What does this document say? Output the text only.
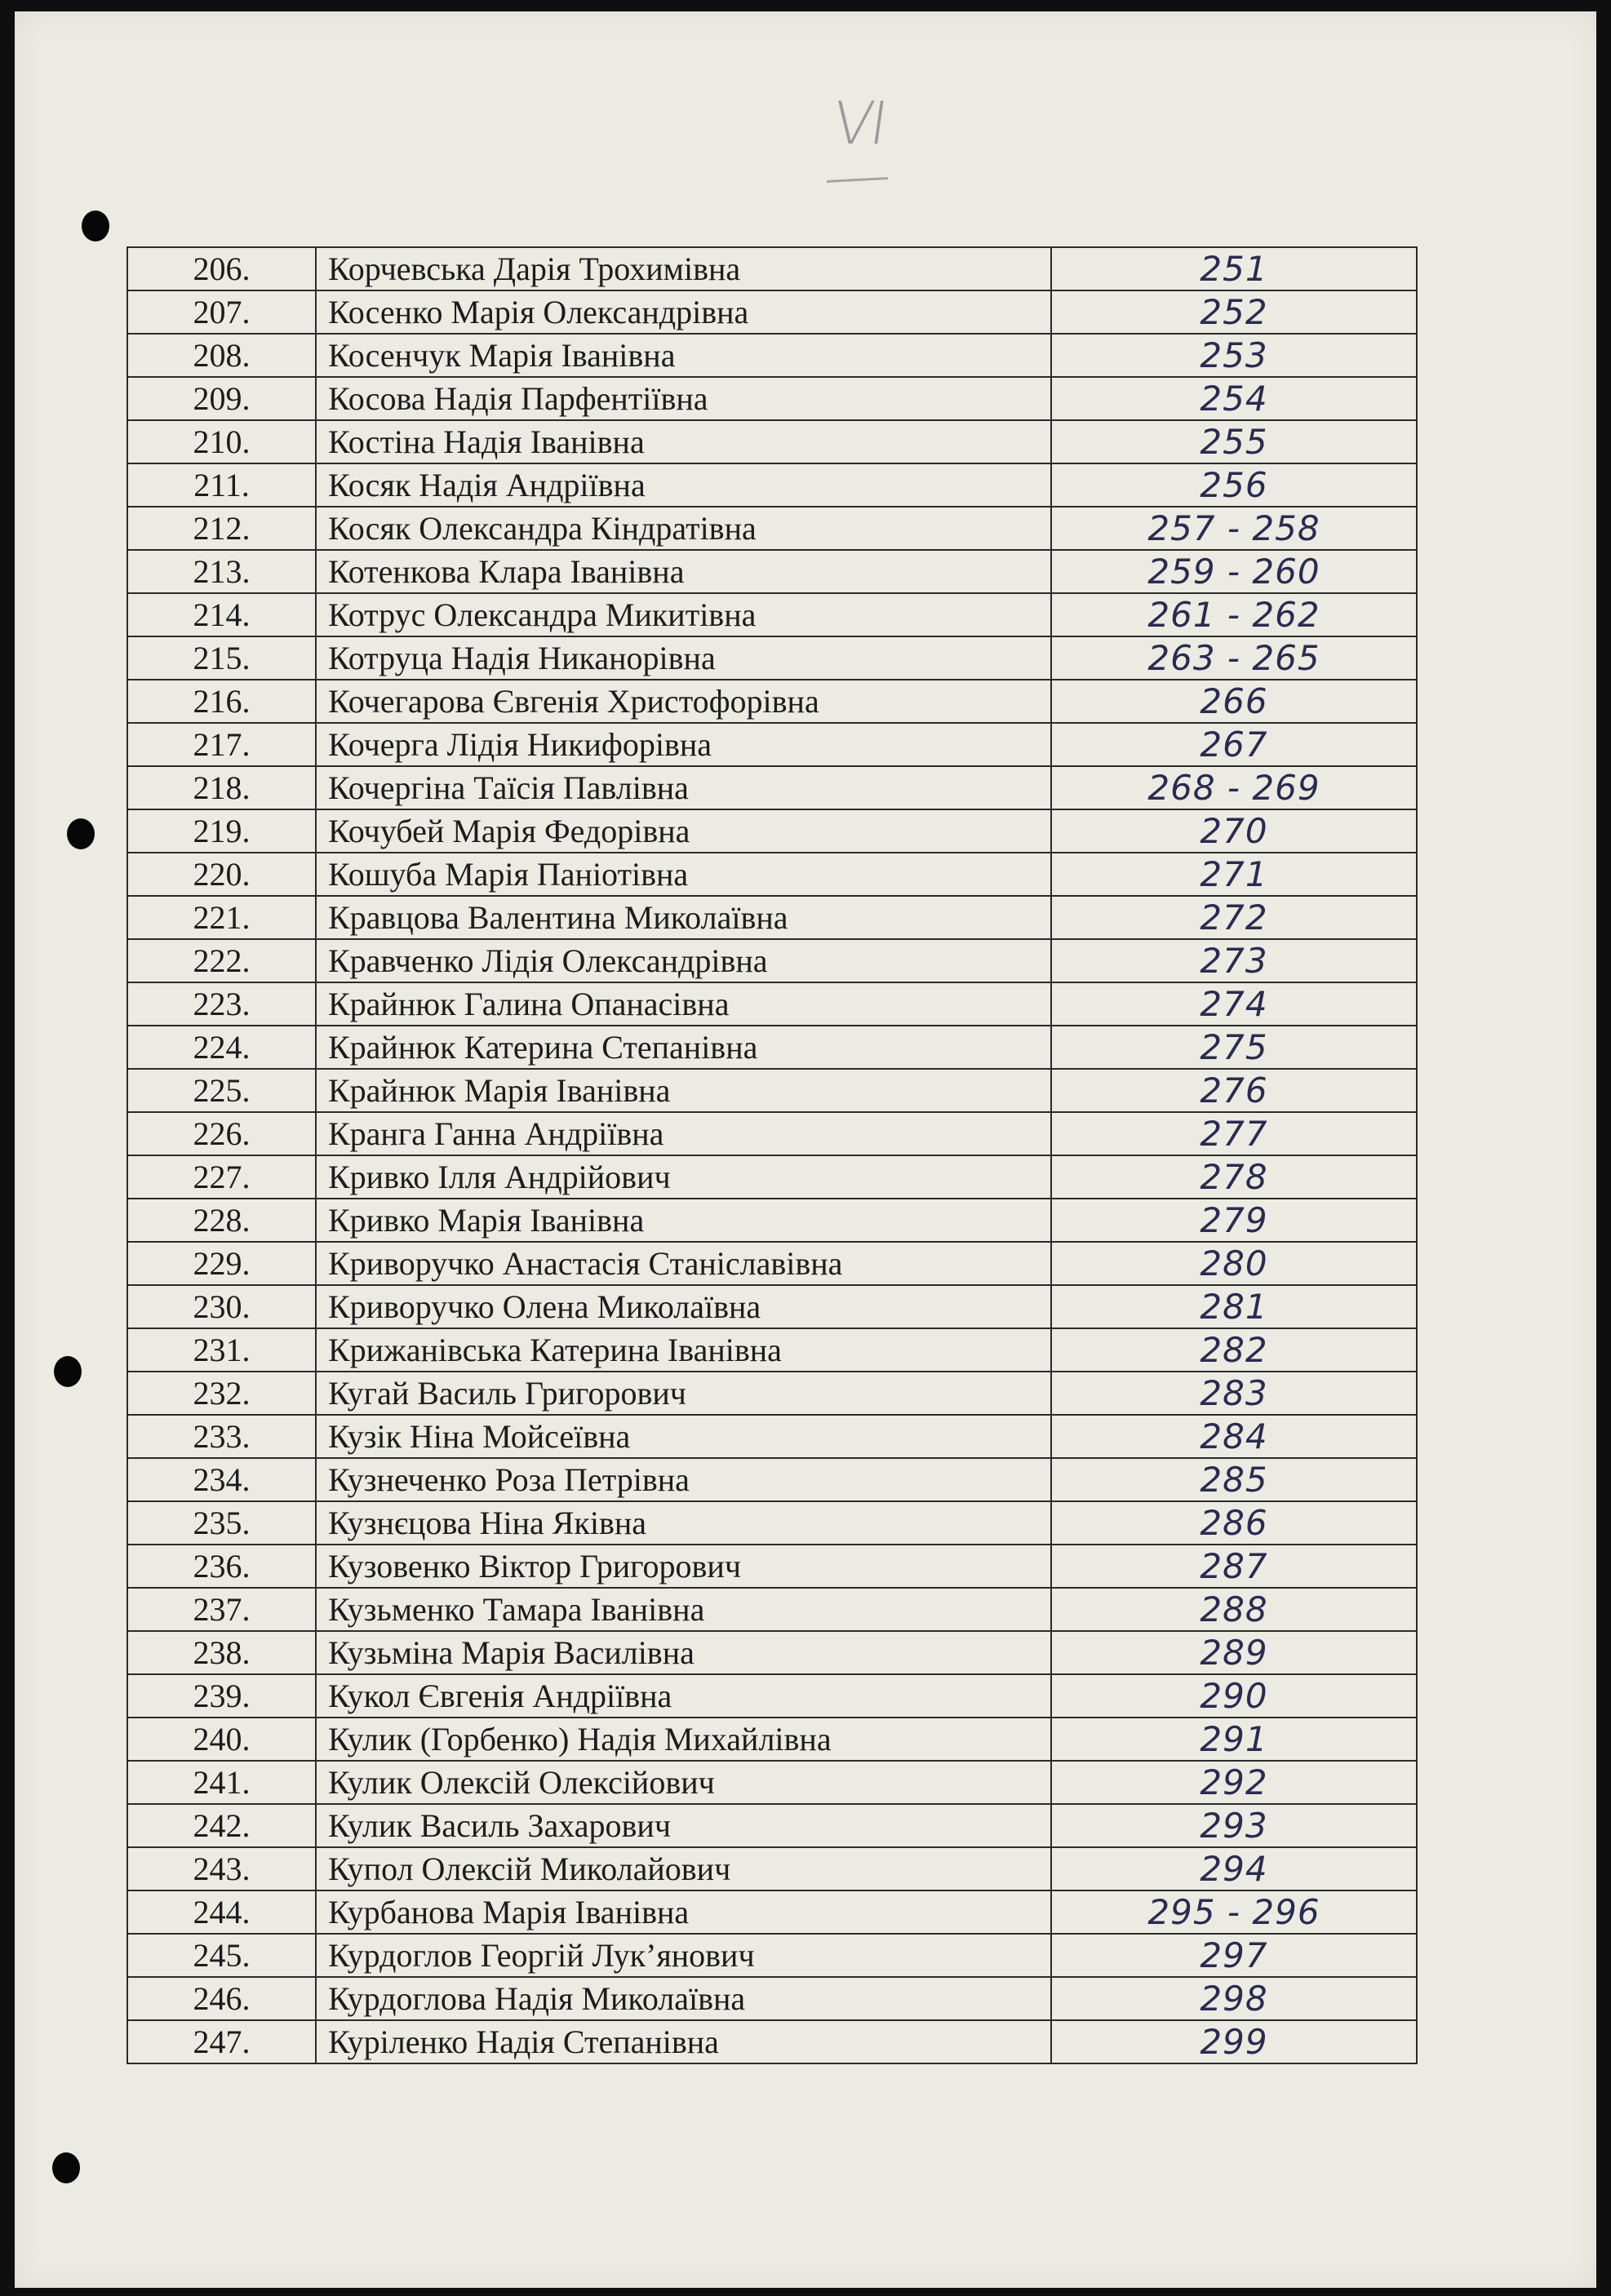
VI
206.	Корчевська Дарія Трохимівна	251
207.	Косенко Марія Олександрівна	252
208.	Косенчук Марія Іванівна	253
209.	Косова Надія Парфентіївна	254
210.	Костіна Надія Іванівна	255
211.	Косяк Надія Андріївна	256
212.	Косяк Олександра Кіндратівна	257 - 258
213.	Котенкова Клара Іванівна	259 - 260
214.	Котрус Олександра Микитівна	261 - 262
215.	Котруца Надія Никанорівна	263 - 265
216.	Кочегарова Євгенія Христофорівна	266
217.	Кочерга Лідія Никифорівна	267
218.	Кочергіна Таїсія Павлівна	268 - 269
219.	Кочубей Марія Федорівна	270
220.	Кошуба Марія Паніотівна	271
221.	Кравцова Валентина Миколаївна	272
222.	Кравченко Лідія Олександрівна	273
223.	Крайнюк Галина Опанасівна	274
224.	Крайнюк Катерина Степанівна	275
225.	Крайнюк Марія Іванівна	276
226.	Кранга Ганна Андріївна	277
227.	Кривко Ілля Андрійович	278
228.	Кривко Марія Іванівна	279
229.	Криворучко Анастасія Станіславівна	280
230.	Криворучко Олена Миколаївна	281
231.	Крижанівська Катерина Іванівна	282
232.	Кугай Василь Григорович	283
233.	Кузік Ніна Мойсеївна	284
234.	Кузнеченко Роза Петрівна	285
235.	Кузнєцова Ніна Яківна	286
236.	Кузовенко Віктор Григорович	287
237.	Кузьменко Тамара Іванівна	288
238.	Кузьміна Марія Василівна	289
239.	Кукол Євгенія Андріївна	290
240.	Кулик (Горбенко) Надія Михайлівна	291
241.	Кулик Олексій Олексійович	292
242.	Кулик Василь Захарович	293
243.	Купол Олексій Миколайович	294
244.	Курбанова Марія Іванівна	295 - 296
245.	Курдоглов Георгій Лук’янович	297
246.	Курдоглова Надія Миколаївна	298
247.	Куріленко Надія Степанівна	299
